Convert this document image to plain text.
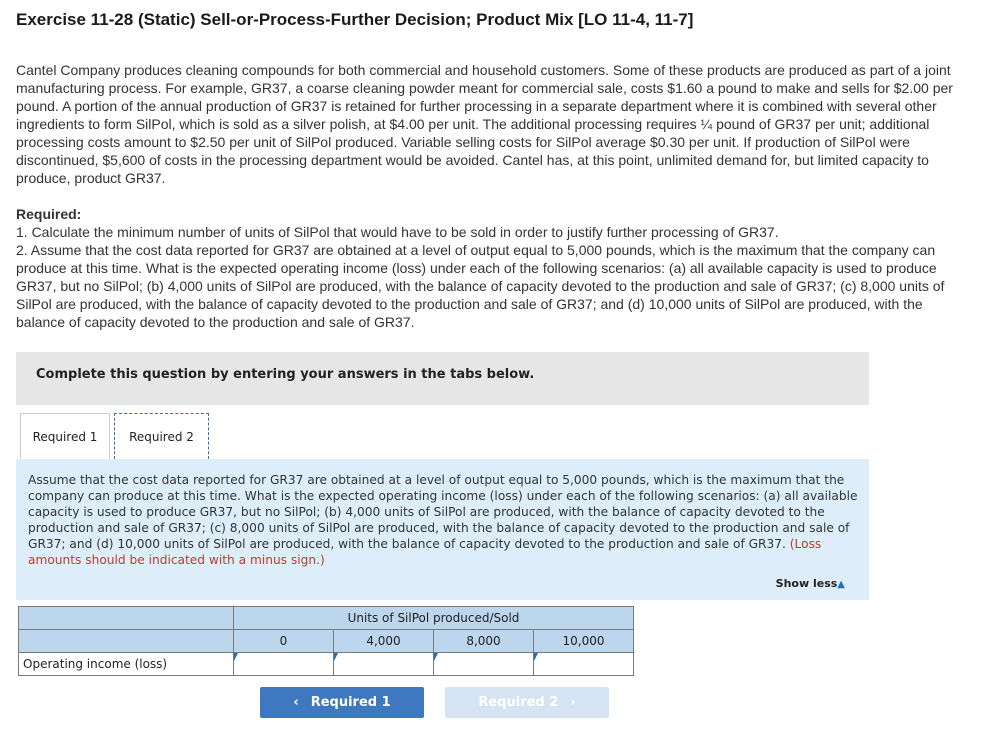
Exercise 11-28 (Static) Sell-or-Process-Further Decision; Product Mix [LO 11-4, 11-7]

Cantel Company produces cleaning compounds for both commercial and household customers. Some of these products are produced as part of a joint manufacturing process. For example, GR37, a coarse cleaning powder meant for commercial sale, costs $1.60 a pound to make and sells for $2.00 per pound. A portion of the annual production of GR37 is retained for further processing in a separate department where it is combined with several other ingredients to form SilPol, which is sold as a silver polish, at $4.00 per unit. The additional processing requires ¼ pound of GR37 per unit; additional processing costs amount to $2.50 per unit of SilPol produced. Variable selling costs for SilPol average $0.30 per unit. If production of SilPol were discontinued, $5,600 of costs in the processing department would be avoided. Cantel has, at this point, unlimited demand for, but limited capacity to produce, product GR37.

Required:

1. Calculate the minimum number of units of SilPol that would have to be sold in order to justify further processing of GR37.

2. Assume that the cost data reported for GR37 are obtained at a level of output equal to 5,000 pounds, which is the maximum that the company can produce at this time. What is the expected operating income (loss) under each of the following scenarios: (a) all available capacity is used to produce GR37, but no SilPol; (b) 4,000 units of SilPol are produced, with the balance of capacity devoted to the production and sale of GR37; (c) 8,000 units of SilPol are produced, with the balance of capacity devoted to the production and sale of GR37; and (d) 10,000 units of SilPol are produced, with the balance of capacity devoted to the production and sale of GR37.

Complete this question by entering your answers in the tabs below.
Required 1	Required 2

Assume that the cost data reported for GR37 are obtained at a level of output equal to 5,000 pounds, which is the maximum that the company can produce at this time. What is the expected operating income (loss) under each of the following scenarios: (a) all available capacity is used to produce GR37, but no SilPol; (b) 4,000 units of SilPol are produced, with the balance of capacity devoted to the production and sale of GR37; (c) 8,000 units of SilPol are produced, with the balance of capacity devoted to the production and sale of GR37; and (d) 10,000 units of SilPol are produced, with the balance of capacity devoted to the production and sale of GR37. (Loss amounts should be indicated with a minus sign.)

Show less▲
	Units of SilPol produced/Sold			
	0	4,000	8,000	10,000
Operating income (loss)	

‹ Required 1	Required 2 ›
